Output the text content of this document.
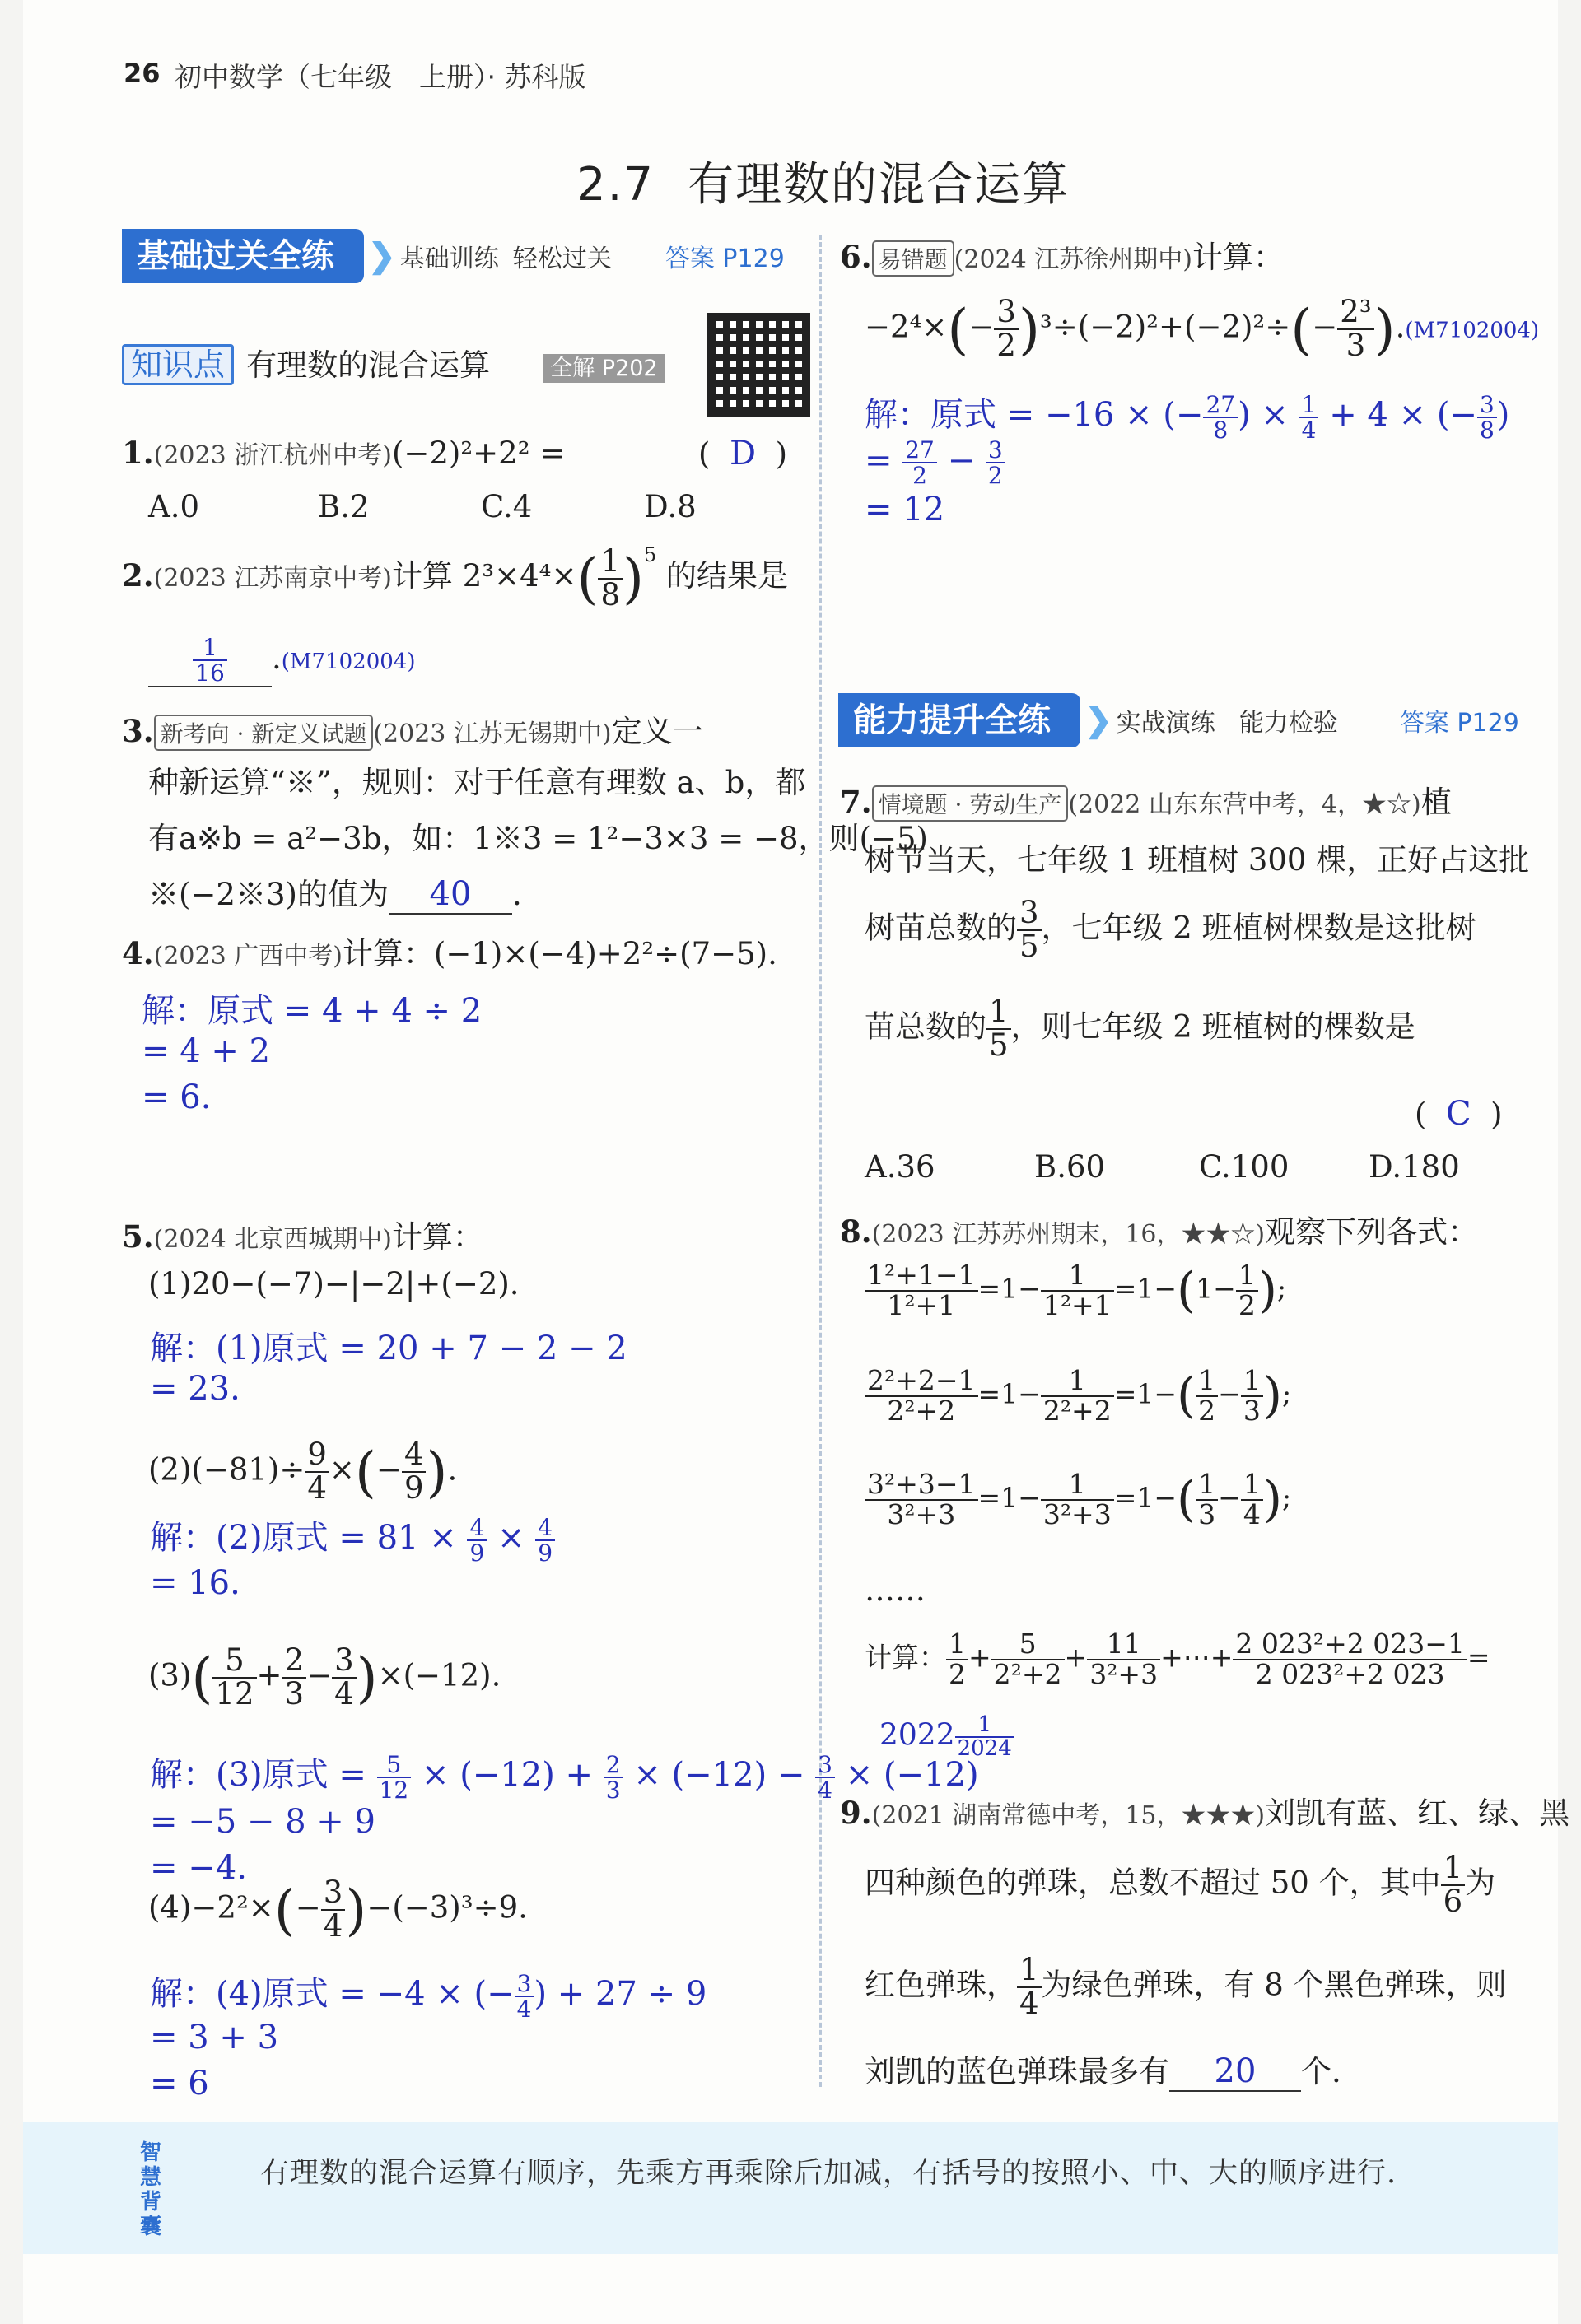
26 初中数学（七年级　上册）· 苏科版
2.7 有理数的混合运算
基础过关全练 ❯ 基础训练 轻松过关 答案 P129
知识点 有理数的混合运算	全解 P202
1.(2023 浙江杭州中考)(−2)²+2² =	(  D  )
A.0	B.2	C.4	D.8
2.(2023 江苏南京中考)计算 $2^3\times 4^4\times( \frac{1}{8} )^5$ 的结果是
$\frac{1}{16} .(M7102004)$
3. 新考向 · 新定义试题 (2023 江苏无锡期中)定义一
种新运算“※”，规则：对于任意有理数 a、b，都
有a※b = a²−3b，如：1※3 = 1²−3×3 = −8，则(−5)
※(−2※3)的值为 40 .
4.(2023 广西中考)计算：(−1)×(−4)+2²÷(7−5).
解：原式 = 4 + 4 ÷ 2
= 4 + 2
= 6.
5.(2024 北京西城期中)计算：
(1)20−(−7)−|−2|+(−2).
解：(1)原式 = 20 + 7 − 2 − 2
= 23.
$(2)(-81)\div \frac{9}{4}$ ×(− $\frac{4}{9}$ ).
解：(2)原式 = $81 \times \frac{4}{9} \times \frac{4}{9}$
= 16.
$(3)( \frac{5}{12} + \frac{2}{3} - \frac{3}{4} )\times(-12)$.
解：(3)原式 = $\frac{5}{12} \times (-12) + \frac{2}{3} \times (-12) - \frac{3}{4} \times (-12)$
= −5 − 8 + 9
= −4.
$(4)-2^2\times(- \frac{3}{4} )-(-3)^3\div 9$.
解：(4)原式 = −4 × (− $\frac{3}{4}$ ) + 27 ÷ 9
= 3 + 3
= 6
6. 易错题 (2024 江苏徐州期中)计算：
$-2^4\times(- \frac{3}{2} )^3\div(-2)^2+(-2)^2\div(- \frac{\text{2³}}{3} ).(M7102004)$
解：原式 = −16 × (− $\frac{27}{8}$ ) × $\frac{1}{4} + 4$ × (− $\frac{3}{8}$ )
= $\frac{27}{2} - \frac{3}{2}$
= 12
能力提升全练 ❯ 实战演练 能力检验	答案 P129
7. 情境题 · 劳动生产 (2022 山东东营中考，4，★☆)植
树节当天，七年级 1 班植树 300 棵，正好占这批
树苗总数的 $\frac{3}{5}$ ，七年级 2 班植树棵数是这批树
苗总数的 $\frac{1}{5}$ ，则七年级 2 班植树的棵数是
(  C  )
A.36	B.60	C.100	D.180
8.(2023 江苏苏州期末，16，★★☆)观察下列各式：
$\frac{\text{1²+1−1}}{\text{1²+1}} =1- \frac{1}{\text{1²+1}} =1-(1- \frac{1}{2}$ );
$\frac{\text{2²+2−1}}{\text{2²+2}} =1- \frac{1}{\text{2²+2}} =1-( \frac{1}{2} - \frac{1}{3}$ );
$\frac{\text{3²+3−1}}{\text{3²+3}} =1- \frac{1}{\text{3²+3}} =1-( \frac{1}{3} - \frac{1}{4}$ );
……
计算： $\frac{1}{2} + \frac{5}{\text{2²+2}} + \frac{11}{\text{3²+3}}$ +⋯+ $\frac{\text{2 023²+2 023−1}}{\text{2 023²+2 023}}$ =
$2022 \frac{1}{2024}$
9.(2021 湖南常德中考，15，★★★)刘凯有蓝、红、绿、黑
四种颜色的弹珠，总数不超过 50 个，其中 $\frac{1}{6}$ 为
红色弹珠， $\frac{1}{4}$ 为绿色弹珠，有 8 个黑色弹珠，则
刘凯的蓝色弹珠最多有 20 个.
智慧背囊
有理数的混合运算有顺序，先乘方再乘除后加减，有括号的按照小、中、大的顺序进行.
